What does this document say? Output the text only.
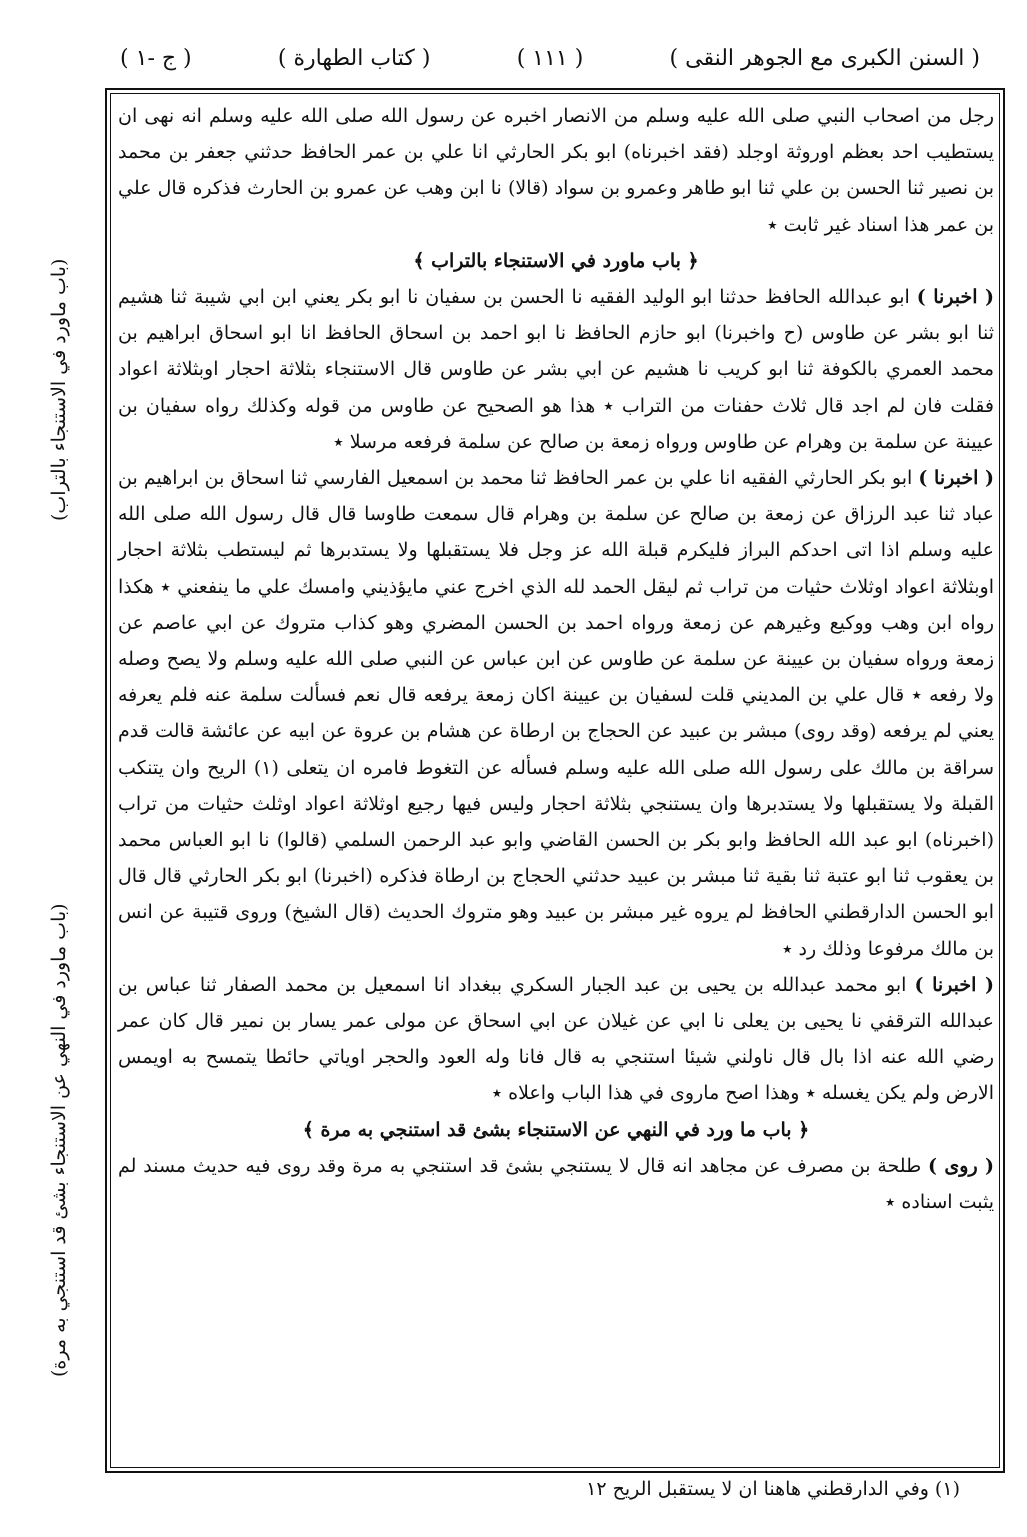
( السنن الكبرى مع الجوهر النقى )
( ١١١ )
( كتاب الطهارة )
( ج -١ )

رجل من اصحاب النبي صلى الله عليه وسلم من الانصار اخبره عن رسول الله صلى الله عليه وسلم انه نهى ان يستطيب احد بعظم اوروثة اوجلد (فقد اخبرناه) ابو بكر الحارثي انا علي بن عمر الحافظ حدثني جعفر بن محمد بن نصير ثنا الحسن بن علي ثنا ابو طاهر وعمرو بن سواد (قالا) نا ابن وهب عن عمرو بن الحارث فذكره قال علي بن عمر هذا اسناد غير ثابت ٭

﴿ باب ماورد في الاستنجاء بالتراب ﴾

( اخبرنا ) ابو عبدالله الحافظ حدثنا ابو الوليد الفقيه نا الحسن بن سفيان نا ابو بكر يعني ابن ابي شيبة ثنا هشيم ثنا ابو بشر عن طاوس (ح واخبرنا) ابو حازم الحافظ نا ابو احمد بن اسحاق الحافظ انا ابو اسحاق ابراهيم بن محمد العمري بالكوفة ثنا ابو كريب نا هشيم عن ابي بشر عن طاوس قال الاستنجاء بثلاثة احجار اوبثلاثة اعواد فقلت فان لم اجد قال ثلاث حفنات من التراب ٭ هذا هو الصحيح عن طاوس من قوله وكذلك رواه سفيان بن عيينة عن سلمة بن وهرام عن طاوس ورواه زمعة بن صالح عن سلمة فرفعه مرسلا ٭

( اخبرنا ) ابو بكر الحارثي الفقيه انا علي بن عمر الحافظ ثنا محمد بن اسمعيل الفارسي ثنا اسحاق بن ابراهيم بن عباد ثنا عبد الرزاق عن زمعة بن صالح عن سلمة بن وهرام قال سمعت طاوسا قال قال رسول الله صلى الله عليه وسلم اذا اتى احدكم البراز فليكرم قبلة الله عز وجل فلا يستقبلها ولا يستدبرها ثم ليستطب بثلاثة احجار اوبثلاثة اعواد اوثلاث حثيات من تراب ثم ليقل الحمد لله الذي اخرج عني مايؤذيني وامسك علي ما ينفعني ٭ هكذا رواه ابن وهب ووكيع وغيرهم عن زمعة ورواه احمد بن الحسن المضري وهو كذاب متروك عن ابي عاصم عن زمعة ورواه سفيان بن عيينة عن سلمة عن طاوس عن ابن عباس عن النبي صلى الله عليه وسلم ولا يصح وصله ولا رفعه ٭ قال علي بن المديني قلت لسفيان بن عيينة اكان زمعة يرفعه قال نعم فسألت سلمة عنه فلم يعرفه يعني لم يرفعه (وقد روى) مبشر بن عبيد عن الحجاج بن ارطاة عن هشام بن عروة عن ابيه عن عائشة قالت قدم سراقة بن مالك على رسول الله صلى الله عليه وسلم فسأله عن التغوط فامره ان يتعلى (١) الريح وان يتنكب القبلة ولا يستقبلها ولا يستدبرها وان يستنجي بثلاثة احجار وليس فيها رجيع اوثلاثة اعواد اوثلث حثيات من تراب (اخبرناه) ابو عبد الله الحافظ وابو بكر بن الحسن القاضي وابو عبد الرحمن السلمي (قالوا) نا ابو العباس محمد بن يعقوب ثنا ابو عتبة ثنا بقية ثنا مبشر بن عبيد حدثني الحجاج بن ارطاة فذكره (اخبرنا) ابو بكر الحارثي قال قال ابو الحسن الدارقطني الحافظ لم يروه غير مبشر بن عبيد وهو متروك الحديث (قال الشيخ) وروى قتيبة عن انس بن مالك مرفوعا وذلك رد ٭

( اخبرنا ) ابو محمد عبدالله بن يحيى بن عبد الجبار السكري ببغداد انا اسمعيل بن محمد الصفار ثنا عباس بن عبدالله الترقفي نا يحيى بن يعلى نا ابي عن غيلان عن ابي اسحاق عن مولى عمر يسار بن نمير قال كان عمر رضي الله عنه اذا بال قال ناولني شيئا استنجي به قال فانا وله العود والحجر اوياتي حائطا يتمسح به اويمس الارض ولم يكن يغسله ٭ وهذا اصح ماروى في هذا الباب واعلاه ٭

﴿ باب ما ورد في النهي عن الاستنجاء بشئ قد استنجي به مرة ﴾

( روى ) طلحة بن مصرف عن مجاهد انه قال لا يستنجي بشئ قد استنجي به مرة وقد روى فيه حديث مسند لم يثبت اسناده ٭

(باب ماورد في الاستنجاء بالتراب)
(باب ماورد في النهي عن الاستنجاء بشئ قد استنجي به مرة)
(١) وفي الدارقطني هاهنا ان لا يستقبل الريح ١٢
